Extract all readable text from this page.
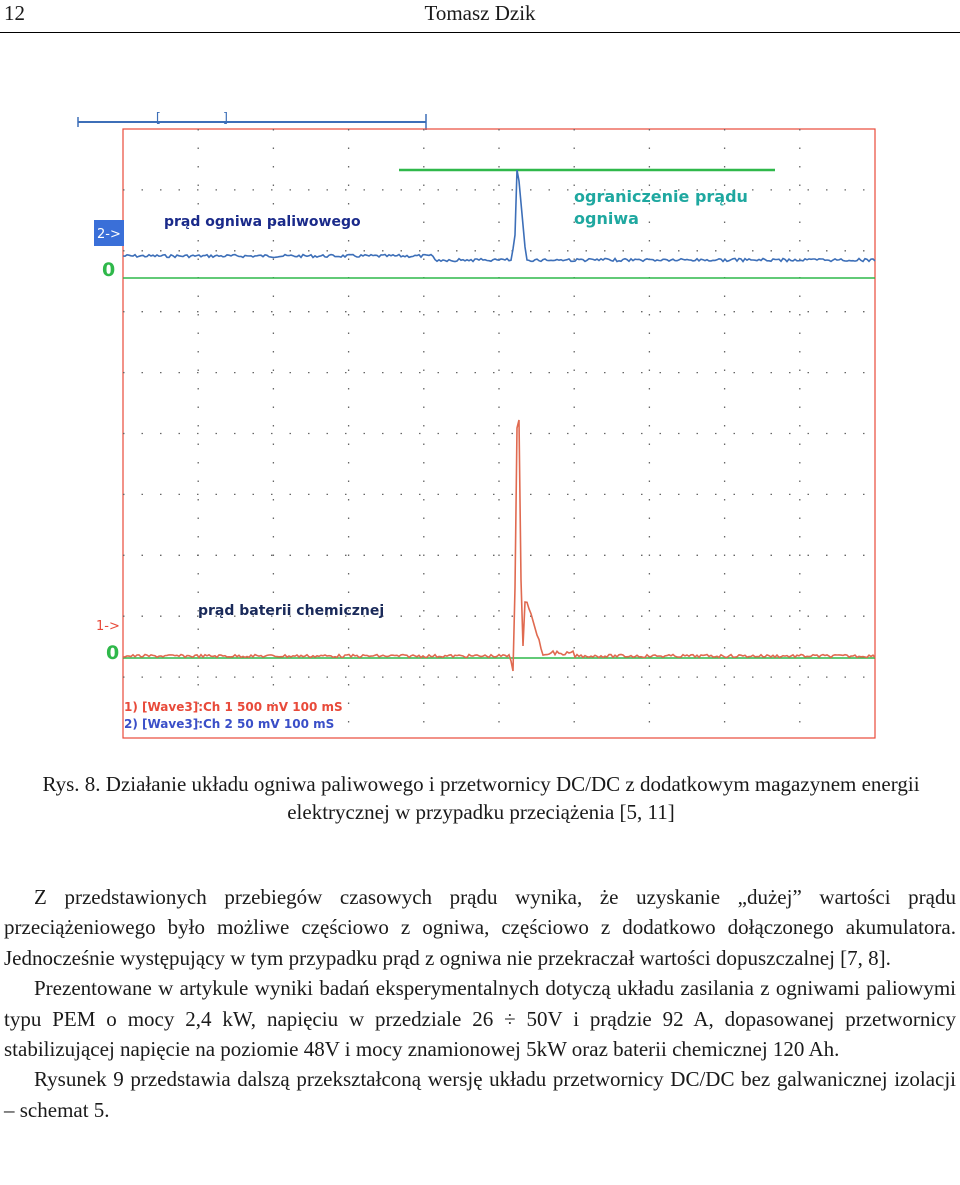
12	Tomasz Dzik
[	]
2->
0
1->
0
prąd ogniwa paliwowego
ograniczenie prądu
ogniwa
prąd baterii chemicznej
1) [Wave3]:Ch 1 500 mV 100 mS
2) [Wave3]:Ch 2 50 mV 100 mS
Rys. 8. Działanie układu ogniwa paliwowego i przetwornicy DC/DC z dodatkowym magazynem energii elektrycznej w przypadku przeciążenia [5, 11]

Z przedstawionych przebiegów czasowych prądu wynika, że uzyskanie „dużej” wartości prądu przeciążeniowego było możliwe częściowo z ogniwa, częściowo z dodatkowo dołączonego akumulatora. Jednocześnie występujący w tym przypadku prąd z ogniwa nie przekraczał wartości dopuszczalnej [7, 8].

Prezentowane w artykule wyniki badań eksperymentalnych dotyczą układu zasilania z ogniwami paliowymi typu PEM o mocy 2,4 kW, napięciu w przedziale 26 ÷ 50V i prądzie 92 A, dopasowanej przetwornicy stabilizującej napięcie na poziomie 48V i mocy znamionowej 5kW oraz baterii chemicznej 120 Ah.

Rysunek 9 przedstawia dalszą przekształconą wersję układu przetwornicy DC/DC bez galwanicznej izolacji – schemat 5.
